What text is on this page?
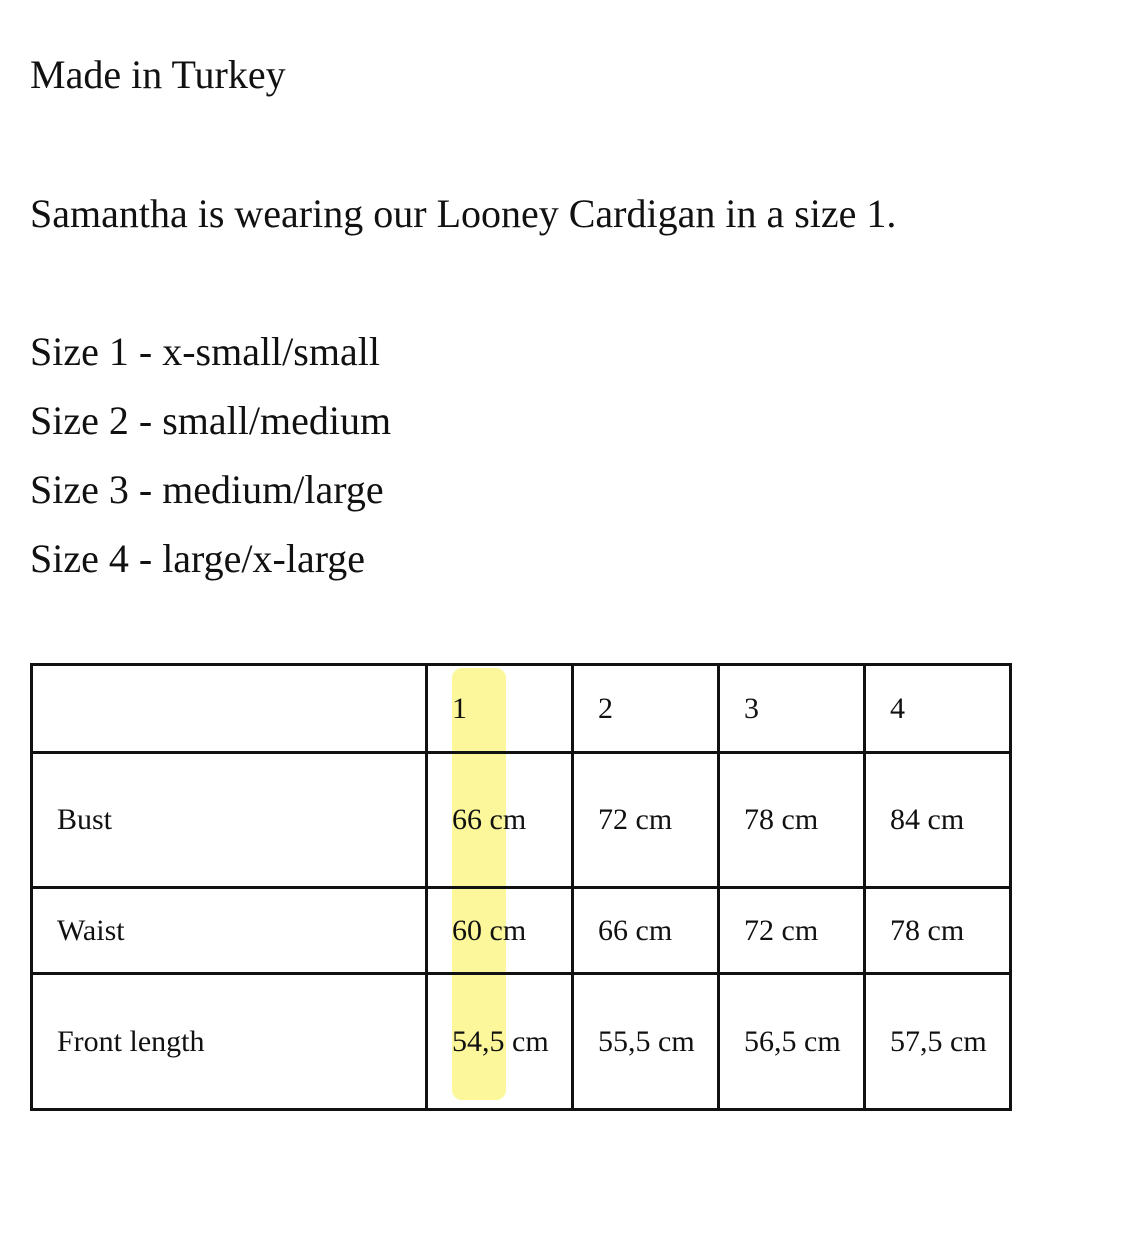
Made in Turkey

Samantha is wearing our Looney Cardigan in a size 1.

Size 1 - x-small/small

Size 2 - small/medium

Size 3 - medium/large

Size 4 - large/x-large

	1	2	3	4

Bust	66 cm	72 cm	78 cm	84 cm

Waist	60 cm	66 cm	72 cm	78 cm

Front length	54,5 cm	55,5 cm	56,5 cm	57,5 cm
